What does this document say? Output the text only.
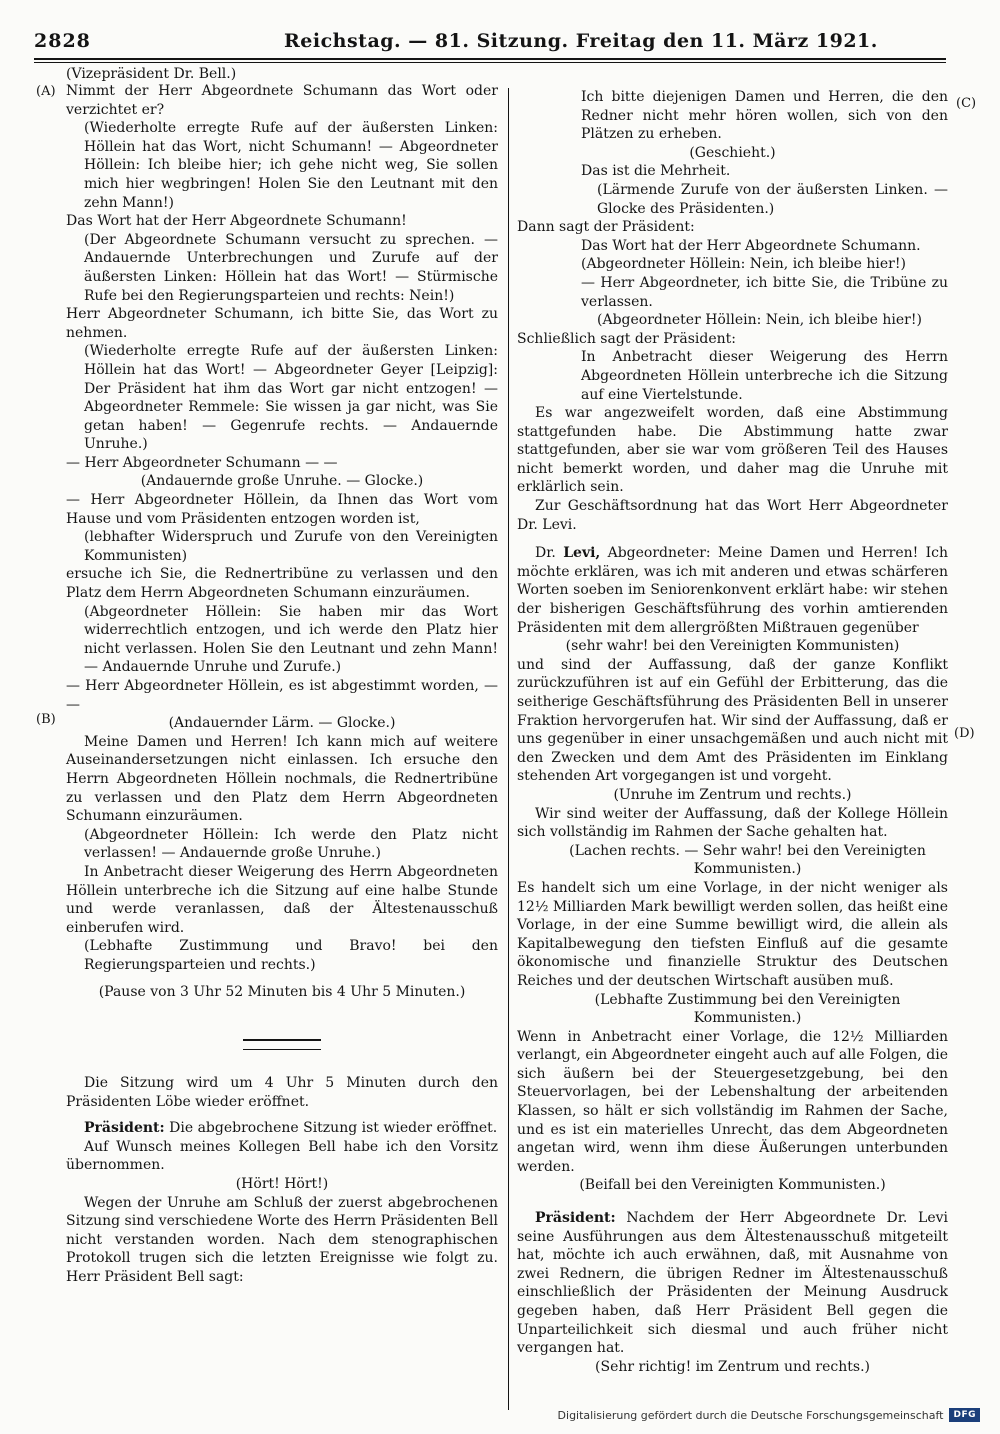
2828	Reichstag. — 81. Sitzung. Freitag den 11. März 1921.
(Vizepräsident Dr. Bell.)
(A)
(B)
(C)
(D)

Nimmt der Herr Abgeordnete Schumann das Wort oder verzichtet er?

(Wiederholte erregte Rufe auf der äußersten Linken: Höllein hat das Wort, nicht Schumann! — Abgeordneter Höllein: Ich bleibe hier; ich gehe nicht weg, Sie sollen mich hier wegbringen! Holen Sie den Leutnant mit den zehn Mann!)

Das Wort hat der Herr Abgeordnete Schumann!

(Der Abgeordnete Schumann versucht zu sprechen. — Andauernde Unterbrechungen und Zurufe auf der äußersten Linken: Höllein hat das Wort! — Stürmische Rufe bei den Regierungsparteien und rechts: Nein!)

Herr Abgeordneter Schumann, ich bitte Sie, das Wort zu nehmen.

(Wiederholte erregte Rufe auf der äußersten Linken: Höllein hat das Wort! — Abgeordneter Geyer [Leipzig]: Der Präsident hat ihm das Wort gar nicht entzogen! — Abgeordneter Remmele: Sie wissen ja gar nicht, was Sie getan haben! — Gegenrufe rechts. — Andauernde Unruhe.)

— Herr Abgeordneter Schumann — —

(Andauernde große Unruhe. — Glocke.)

— Herr Abgeordneter Höllein, da Ihnen das Wort vom Hause und vom Präsidenten entzogen worden ist,

(lebhafter Widerspruch und Zurufe von den Vereinigten Kommunisten)

ersuche ich Sie, die Rednertribüne zu verlassen und den Platz dem Herrn Abgeordneten Schumann einzuräumen.

(Abgeordneter Höllein: Sie haben mir das Wort widerrechtlich entzogen, und ich werde den Platz hier nicht verlassen. Holen Sie den Leutnant und zehn Mann! — Andauernde Unruhe und Zurufe.)

— Herr Abgeordneter Höllein, es ist abgestimmt worden, — —

(Andauernder Lärm. — Glocke.)

Meine Damen und Herren! Ich kann mich auf weitere Auseinandersetzungen nicht einlassen. Ich ersuche den Herrn Abgeordneten Höllein nochmals, die Rednertribüne zu verlassen und den Platz dem Herrn Abgeordneten Schumann einzuräumen.

(Abgeordneter Höllein: Ich werde den Platz nicht verlassen! — Andauernde große Unruhe.)

In Anbetracht dieser Weigerung des Herrn Abgeordneten Höllein unterbreche ich die Sitzung auf eine halbe Stunde und werde veranlassen, daß der Ältestenausschuß einberufen wird.

(Lebhafte Zustimmung und Bravo! bei den Regierungsparteien und rechts.)

(Pause von 3 Uhr 52 Minuten bis 4 Uhr 5 Minuten.)

Die Sitzung wird um 4 Uhr 5 Minuten durch den Präsidenten Löbe wieder eröffnet.

Präsident: Die abgebrochene Sitzung ist wieder eröffnet.

Auf Wunsch meines Kollegen Bell habe ich den Vorsitz übernommen.

(Hört! Hört!)

Wegen der Unruhe am Schluß der zuerst abgebrochenen Sitzung sind verschiedene Worte des Herrn Präsidenten Bell nicht verstanden worden. Nach dem stenographischen Protokoll trugen sich die letzten Ereignisse wie folgt zu. Herr Präsident Bell sagt:

Ich bitte diejenigen Damen und Herren, die den Redner nicht mehr hören wollen, sich von den Plätzen zu erheben.

(Geschieht.)

Das ist die Mehrheit.

(Lärmende Zurufe von der äußersten Linken. — Glocke des Präsidenten.)

Dann sagt der Präsident:

Das Wort hat der Herr Abgeordnete Schumann.

(Abgeordneter Höllein: Nein, ich bleibe hier!)

— Herr Abgeordneter, ich bitte Sie, die Tribüne zu verlassen.

(Abgeordneter Höllein: Nein, ich bleibe hier!)

Schließlich sagt der Präsident:

In Anbetracht dieser Weigerung des Herrn Abgeordneten Höllein unterbreche ich die Sitzung auf eine Viertelstunde.

Es war angezweifelt worden, daß eine Abstimmung stattgefunden habe. Die Abstimmung hatte zwar stattgefunden, aber sie war vom größeren Teil des Hauses nicht bemerkt worden, und daher mag die Unruhe mit erklärlich sein.

Zur Geschäftsordnung hat das Wort Herr Abgeordneter Dr. Levi.

Dr. Levi, Abgeordneter: Meine Damen und Herren! Ich möchte erklären, was ich mit anderen und etwas schärferen Worten soeben im Seniorenkonvent erklärt habe: wir stehen der bisherigen Geschäftsführung des vorhin amtierenden Präsidenten mit dem allergrößten Mißtrauen gegenüber

(sehr wahr! bei den Vereinigten Kommunisten)

und sind der Auffassung, daß der ganze Konflikt zurückzuführen ist auf ein Gefühl der Erbitterung, das die seitherige Geschäftsführung des Präsidenten Bell in unserer Fraktion hervorgerufen hat. Wir sind der Auffassung, daß er uns gegenüber in einer unsachgemäßen und auch nicht mit den Zwecken und dem Amt des Präsidenten im Einklang stehenden Art vorgegangen ist und vorgeht.

(Unruhe im Zentrum und rechts.)

Wir sind weiter der Auffassung, daß der Kollege Höllein sich vollständig im Rahmen der Sache gehalten hat.

(Lachen rechts. — Sehr wahr! bei den Vereinigten Kommunisten.)

Es handelt sich um eine Vorlage, in der nicht weniger als 12½ Milliarden Mark bewilligt werden sollen, das heißt eine Vorlage, in der eine Summe bewilligt wird, die allein als Kapitalbewegung den tiefsten Einfluß auf die gesamte ökonomische und finanzielle Struktur des Deutschen Reiches und der deutschen Wirtschaft ausüben muß.

(Lebhafte Zustimmung bei den Vereinigten Kommunisten.)

Wenn in Anbetracht einer Vorlage, die 12½ Milliarden verlangt, ein Abgeordneter eingeht auch auf alle Folgen, die sich äußern bei der Steuergesetzgebung, bei den Steuervorlagen, bei der Lebenshaltung der arbeitenden Klassen, so hält er sich vollständig im Rahmen der Sache, und es ist ein materielles Unrecht, das dem Abgeordneten angetan wird, wenn ihm diese Äußerungen unterbunden werden.

(Beifall bei den Vereinigten Kommunisten.)

Präsident: Nachdem der Herr Abgeordnete Dr. Levi seine Ausführungen aus dem Ältestenausschuß mitgeteilt hat, möchte ich auch erwähnen, daß, mit Ausnahme von zwei Rednern, die übrigen Redner im Ältestenausschuß einschließlich der Präsidenten der Meinung Ausdruck gegeben haben, daß Herr Präsident Bell gegen die Unparteilichkeit sich diesmal und auch früher nicht vergangen hat.

(Sehr richtig! im Zentrum und rechts.)

Digitalisierung gefördert durch die Deutsche Forschungsgemeinschaft	DFG
